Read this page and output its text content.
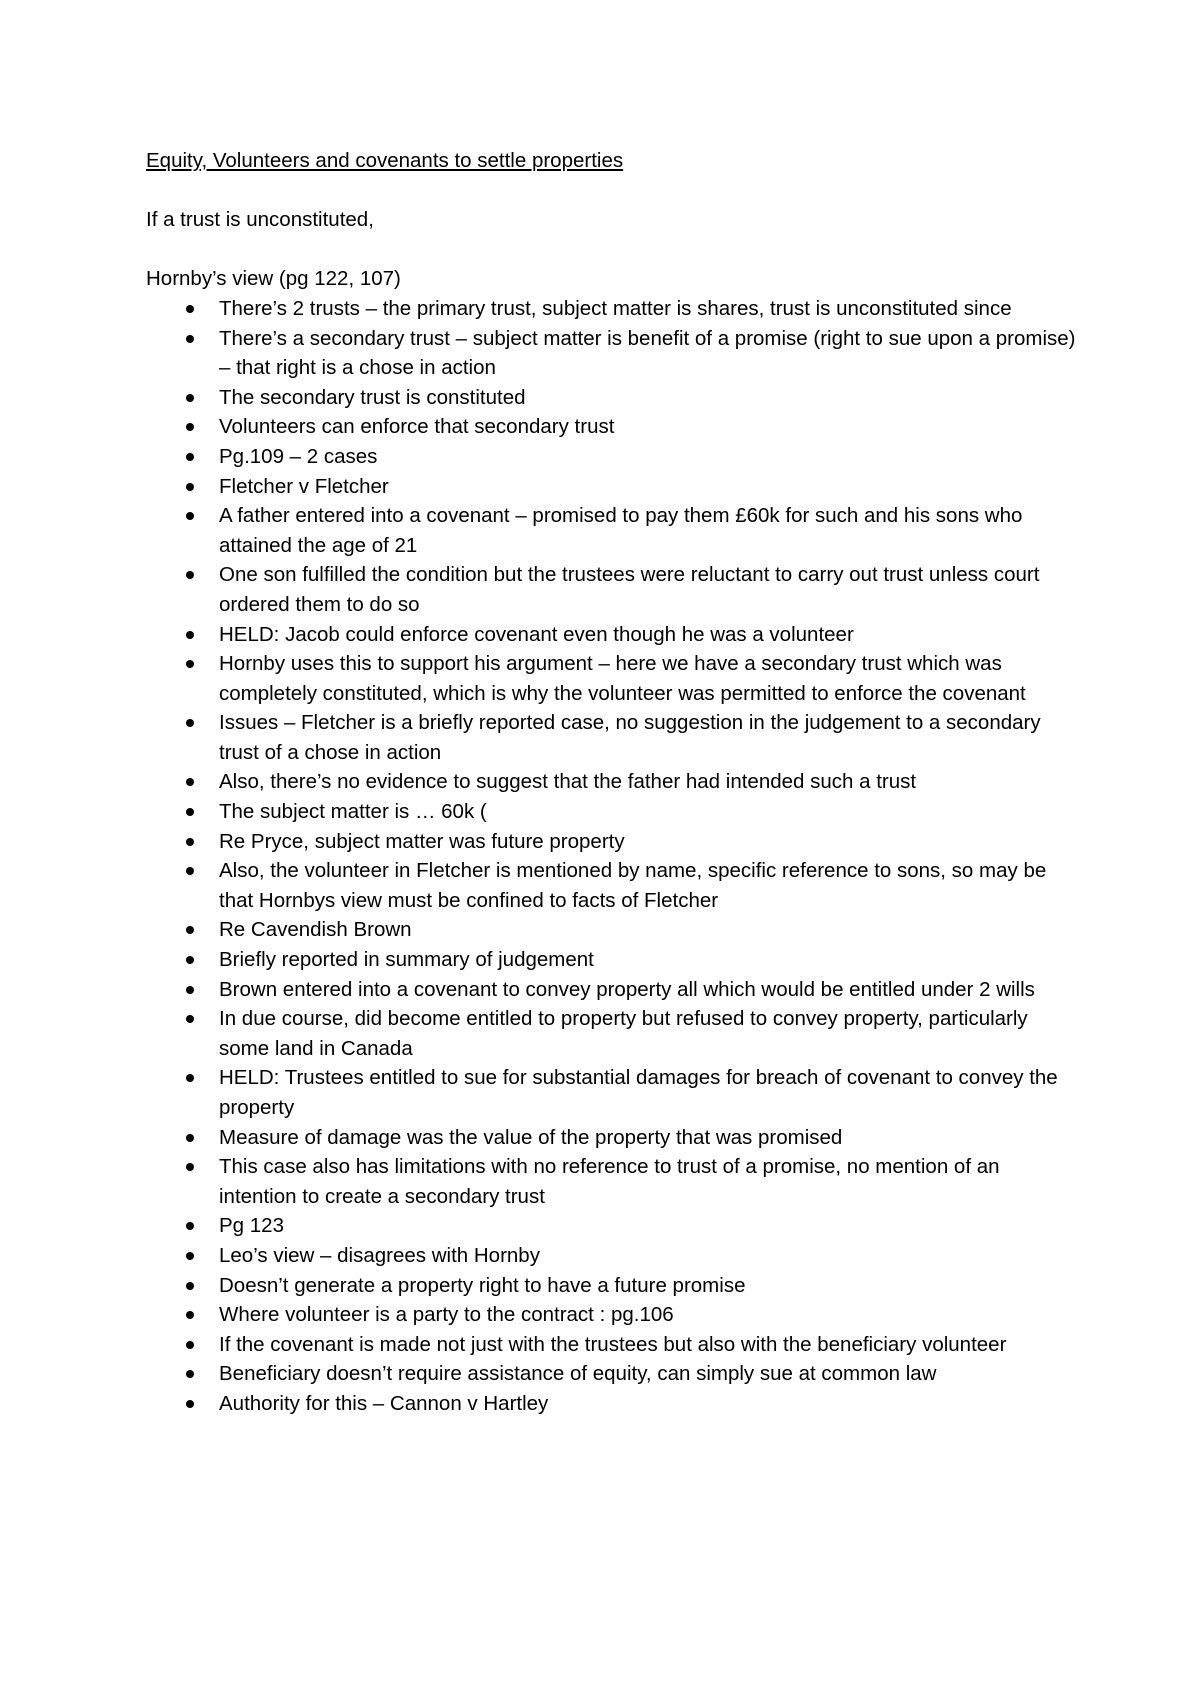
Equity, Volunteers and covenants to settle properties

If a trust is unconstituted,

Hornby’s view (pg 122, 107)

There’s 2 trusts – the primary trust, subject matter is shares, trust is unconstituted since
There’s a secondary trust – subject matter is benefit of a promise (right to sue upon a promise) – that right is a chose in action
The secondary trust is constituted
Volunteers can enforce that secondary trust
Pg.109 – 2 cases
Fletcher v Fletcher
A father entered into a covenant – promised to pay them £60k for such and his sons who attained the age of 21
One son fulfilled the condition but the trustees were reluctant to carry out trust unless court ordered them to do so
HELD: Jacob could enforce covenant even though he was a volunteer
Hornby uses this to support his argument – here we have a secondary trust which was completely constituted, which is why the volunteer was permitted to enforce the covenant
Issues – Fletcher is a briefly reported case, no suggestion in the judgement to a secondary trust of a chose in action
Also, there’s no evidence to suggest that the father had intended such a trust
The subject matter is … 60k (
Re Pryce, subject matter was future property
Also, the volunteer in Fletcher is mentioned by name, specific reference to sons, so may be that Hornbys view must be confined to facts of Fletcher
Re Cavendish Brown
Briefly reported in summary of judgement
Brown entered into a covenant to convey property all which would be entitled under 2 wills
In due course, did become entitled to property but refused to convey property, particularly some land in Canada
HELD: Trustees entitled to sue for substantial damages for breach of covenant to convey the property
Measure of damage was the value of the property that was promised
This case also has limitations with no reference to trust of a promise, no mention of an intention to create a secondary trust
Pg 123
Leo’s view – disagrees with Hornby
Doesn’t generate a property right to have a future promise
Where volunteer is a party to the contract : pg.106
If the covenant is made not just with the trustees but also with the beneficiary volunteer
Beneficiary doesn’t require assistance of equity, can simply sue at common law
Authority for this – Cannon v Hartley
